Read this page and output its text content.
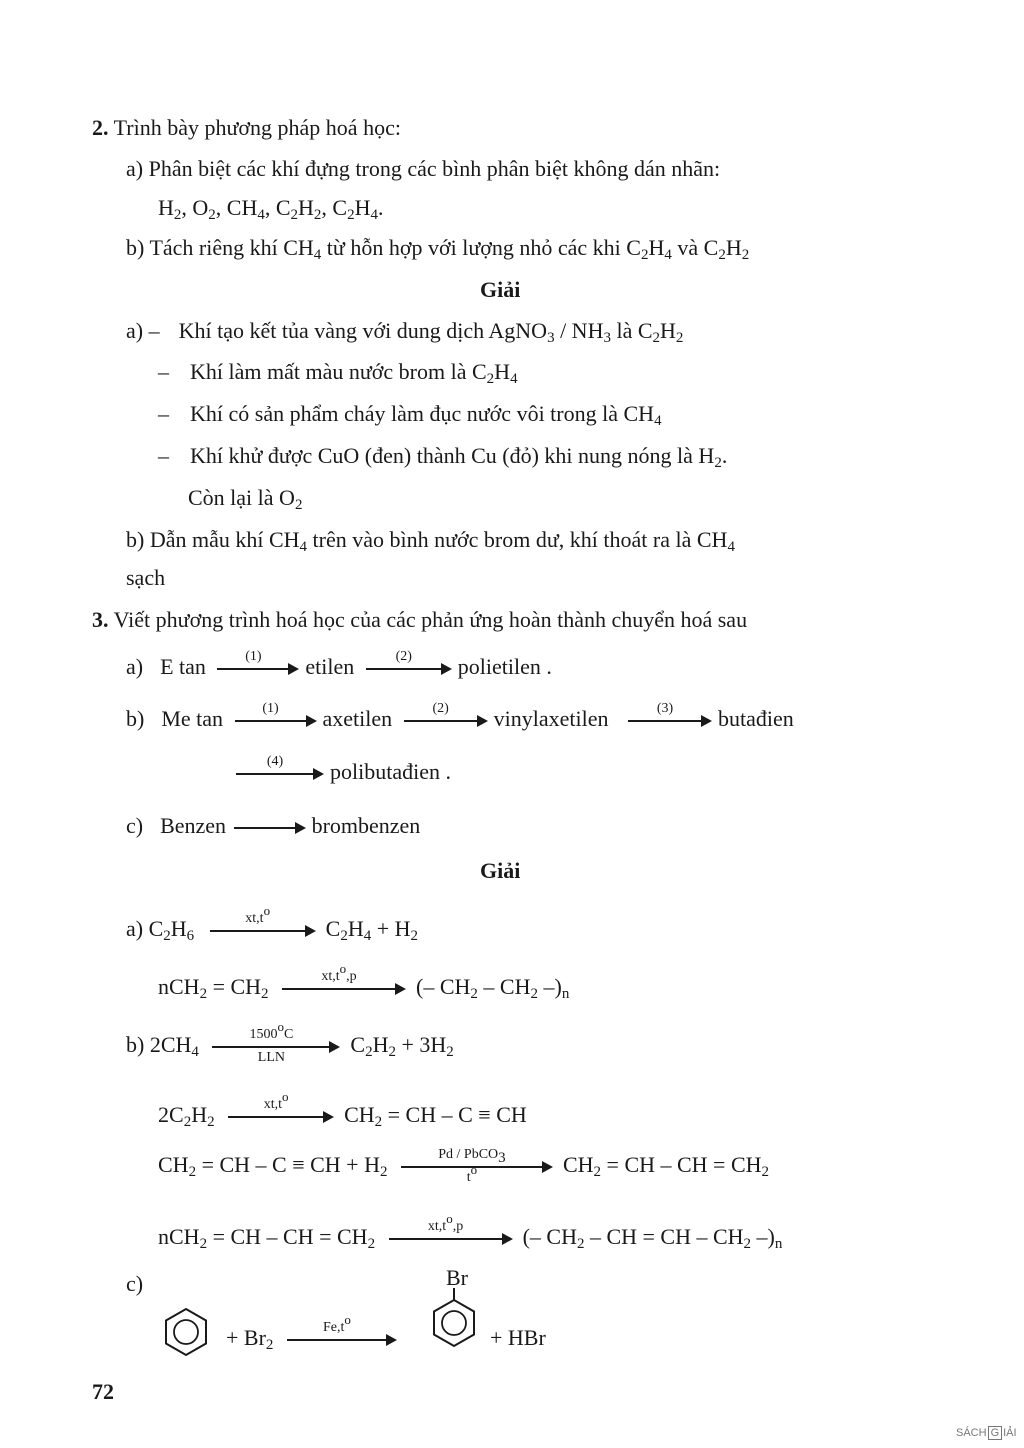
2. Trình bày phương pháp hoá học:
a) Phân biệt các khí đựng trong các bình phân biệt không dán nhãn:
$H_2$, $O_2$, $CH_4$, $C_2H_2$, $C_2H_4$.
b) Tách riêng khí $CH_4$ từ hỗn hợp với lượng nhỏ các khi $C_2H_4$ và $C_2H_2$
Giải
a) – Khí tạo kết tủa vàng với dung dịch AgNO$_3$ / $NH_3$ là $C_2H_2$
– Khí làm mất màu nước brom là $C_2H_4$
– Khí có sản phẩm cháy làm đục nước vôi trong là $CH_4$
– Khí khử được CuO (đen) thành Cu (đỏ) khi nung nóng là $H_2$.
Còn lại là $O_2$
b) Dẫn mẫu khí $CH_4$ trên vào bình nước brom dư, khí thoát ra là $CH_4$
sạch
3. Viết phương trình hoá học của các phản ứng hoàn thành chuyển hoá sau
a) E tan	(1)	etilen	(2)	polietilen .
b) Me tan	(1)	axetilen	(2)	vinylaxetilen	(3)	butađien
(4)	polibutađien .
c) Benzen	brombenzen
Giải
a) $C_2H_6$
$xt,t^o$
$C_2H_4 + H_2$
$nCH_2 = CH_2$
$xt,t^o,p$	(– $CH_2 - CH_2$ $-)_n$
b) $2CH_4$
1500$^o$C
LLN
$C_2H_2 + 3H_2$
$2C_2H_2$
$xt,t^o$
$CH_2$ = CH – C ≡ CH
$CH_2$ = CH – C ≡ CH + $H_2$
Pd / PbCO$_3$
$t^o$	$CH_2$ = CH – CH = $CH_2$
nCH$_2$ = CH – CH = $CH_2$
$xt,t^o,p$	(– $CH_2$ – CH = CH – $CH_2$ $-)_n$
c)	Br
+ $Br_2$
$Fe,t^o$
+ HBr
72
SÁCH G IẢI
